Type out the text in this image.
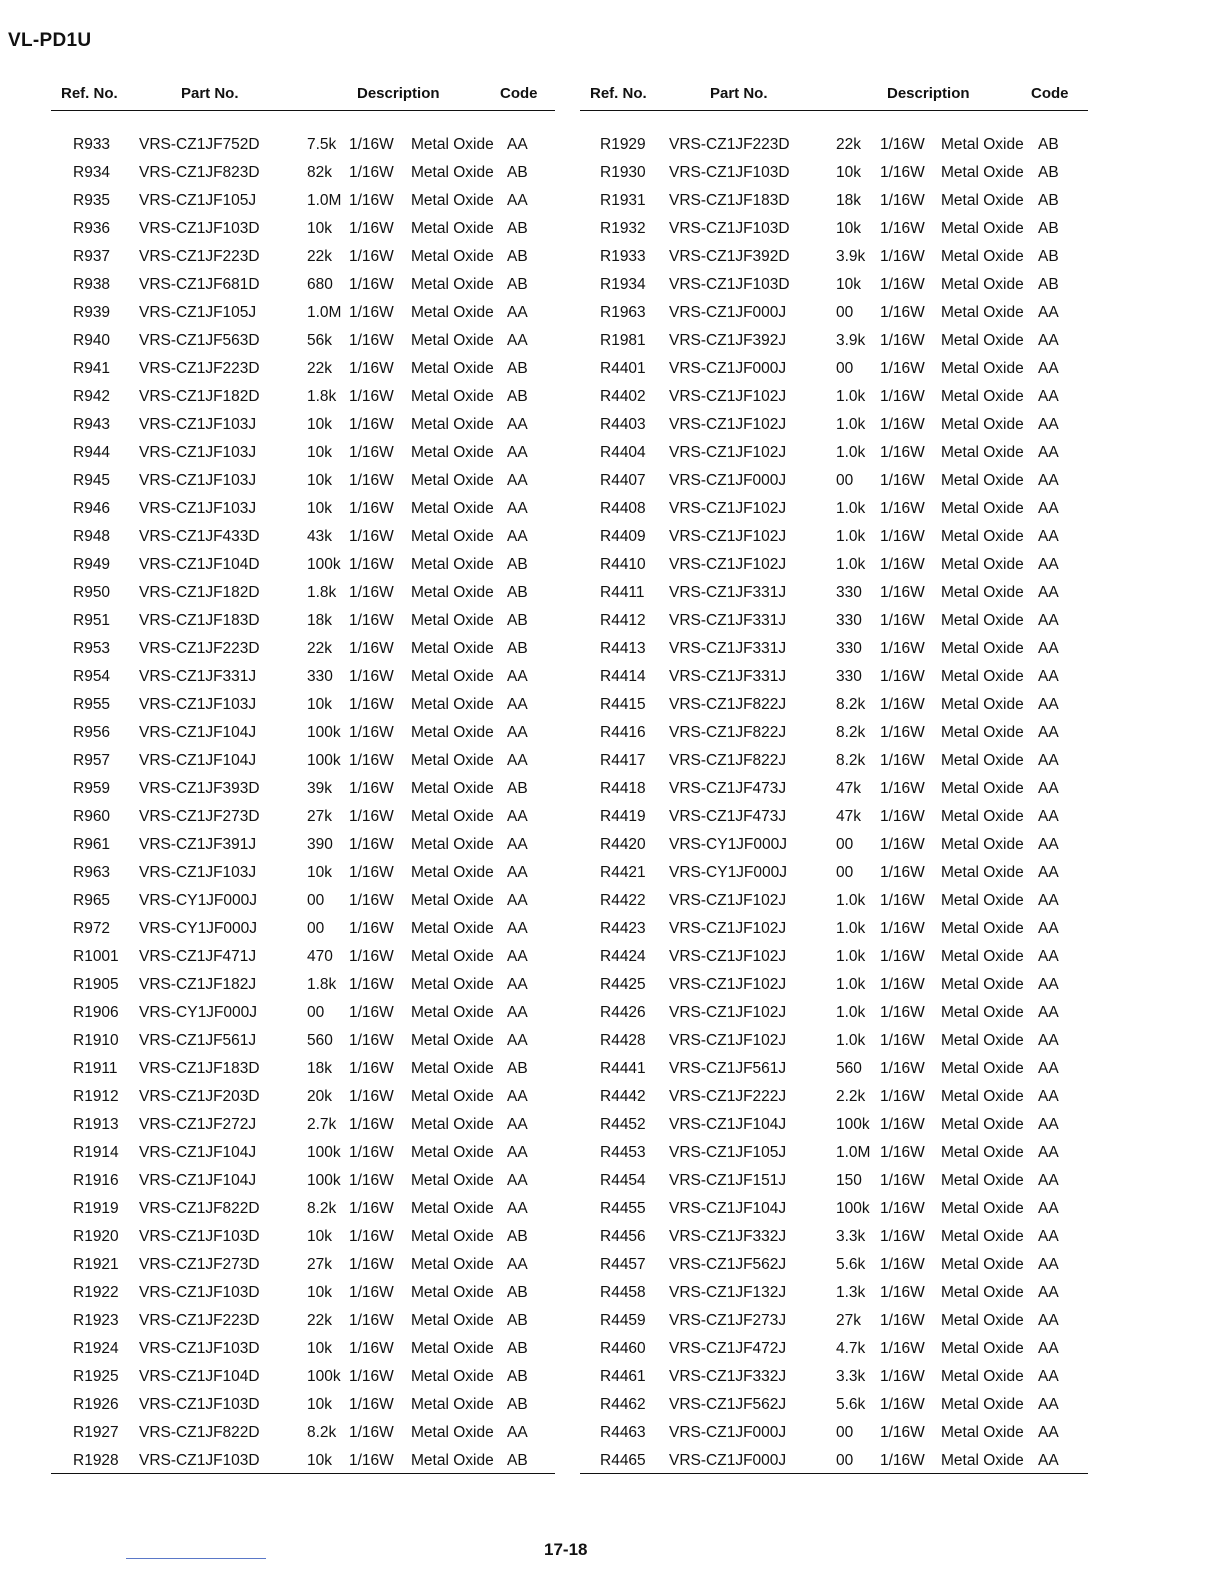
VL-PD1U
Ref. No.	Part No.	Description	Code
R933 VRS-CZ1JF752D	7.5k 1/16W Metal Oxide AA
R934 VRS-CZ1JF823D	82k 1/16W Metal Oxide AB
R935 VRS-CZ1JF105J	1.0M 1/16W Metal Oxide AA
R936 VRS-CZ1JF103D	10k 1/16W Metal Oxide AB
R937 VRS-CZ1JF223D	22k 1/16W Metal Oxide AB
R938 VRS-CZ1JF681D	680 1/16W Metal Oxide AB
R939 VRS-CZ1JF105J	1.0M 1/16W Metal Oxide AA
R940 VRS-CZ1JF563D	56k 1/16W Metal Oxide AA
R941 VRS-CZ1JF223D	22k 1/16W Metal Oxide AB
R942 VRS-CZ1JF182D	1.8k 1/16W Metal Oxide AB
R943 VRS-CZ1JF103J	10k 1/16W Metal Oxide AA
R944 VRS-CZ1JF103J	10k 1/16W Metal Oxide AA
R945 VRS-CZ1JF103J	10k 1/16W Metal Oxide AA
R946 VRS-CZ1JF103J	10k 1/16W Metal Oxide AA
R948 VRS-CZ1JF433D	43k 1/16W Metal Oxide AA
R949 VRS-CZ1JF104D	100k 1/16W Metal Oxide AB
R950 VRS-CZ1JF182D	1.8k 1/16W Metal Oxide AB
R951 VRS-CZ1JF183D	18k 1/16W Metal Oxide AB
R953 VRS-CZ1JF223D	22k 1/16W Metal Oxide AB
R954 VRS-CZ1JF331J	330 1/16W Metal Oxide AA
R955 VRS-CZ1JF103J	10k 1/16W Metal Oxide AA
R956 VRS-CZ1JF104J	100k 1/16W Metal Oxide AA
R957 VRS-CZ1JF104J	100k 1/16W Metal Oxide AA
R959 VRS-CZ1JF393D	39k 1/16W Metal Oxide AB
R960 VRS-CZ1JF273D	27k 1/16W Metal Oxide AA
R961 VRS-CZ1JF391J	390 1/16W Metal Oxide AA
R963 VRS-CZ1JF103J	10k 1/16W Metal Oxide AA
R965 VRS-CY1JF000J	00 1/16W Metal Oxide AA
R972 VRS-CY1JF000J	00 1/16W Metal Oxide AA
R1001 VRS-CZ1JF471J	470 1/16W Metal Oxide AA
R1905 VRS-CZ1JF182J	1.8k 1/16W Metal Oxide AA
R1906 VRS-CY1JF000J	00 1/16W Metal Oxide AA
R1910 VRS-CZ1JF561J	560 1/16W Metal Oxide AA
R1911 VRS-CZ1JF183D	18k 1/16W Metal Oxide AB
R1912 VRS-CZ1JF203D	20k 1/16W Metal Oxide AA
R1913 VRS-CZ1JF272J	2.7k 1/16W Metal Oxide AA
R1914 VRS-CZ1JF104J	100k 1/16W Metal Oxide AA
R1916 VRS-CZ1JF104J	100k 1/16W Metal Oxide AA
R1919 VRS-CZ1JF822D	8.2k 1/16W Metal Oxide AA
R1920 VRS-CZ1JF103D	10k 1/16W Metal Oxide AB
R1921 VRS-CZ1JF273D	27k 1/16W Metal Oxide AA
R1922 VRS-CZ1JF103D	10k 1/16W Metal Oxide AB
R1923 VRS-CZ1JF223D	22k 1/16W Metal Oxide AB
R1924 VRS-CZ1JF103D	10k 1/16W Metal Oxide AB
R1925 VRS-CZ1JF104D	100k 1/16W Metal Oxide AB
R1926 VRS-CZ1JF103D	10k 1/16W Metal Oxide AB
R1927 VRS-CZ1JF822D	8.2k 1/16W Metal Oxide AA
R1928 VRS-CZ1JF103D	10k 1/16W Metal Oxide AB
Ref. No.	Part No.	Description	Code
R1929 VRS-CZ1JF223D	22k 1/16W Metal Oxide AB
R1930 VRS-CZ1JF103D	10k 1/16W Metal Oxide AB
R1931 VRS-CZ1JF183D	18k 1/16W Metal Oxide AB
R1932 VRS-CZ1JF103D	10k 1/16W Metal Oxide AB
R1933 VRS-CZ1JF392D	3.9k 1/16W Metal Oxide AB
R1934 VRS-CZ1JF103D	10k 1/16W Metal Oxide AB
R1963 VRS-CZ1JF000J	00 1/16W Metal Oxide AA
R1981 VRS-CZ1JF392J	3.9k 1/16W Metal Oxide AA
R4401 VRS-CZ1JF000J	00 1/16W Metal Oxide AA
R4402 VRS-CZ1JF102J	1.0k 1/16W Metal Oxide AA
R4403 VRS-CZ1JF102J	1.0k 1/16W Metal Oxide AA
R4404 VRS-CZ1JF102J	1.0k 1/16W Metal Oxide AA
R4407 VRS-CZ1JF000J	00 1/16W Metal Oxide AA
R4408 VRS-CZ1JF102J	1.0k 1/16W Metal Oxide AA
R4409 VRS-CZ1JF102J	1.0k 1/16W Metal Oxide AA
R4410 VRS-CZ1JF102J	1.0k 1/16W Metal Oxide AA
R4411 VRS-CZ1JF331J	330 1/16W Metal Oxide AA
R4412 VRS-CZ1JF331J	330 1/16W Metal Oxide AA
R4413 VRS-CZ1JF331J	330 1/16W Metal Oxide AA
R4414 VRS-CZ1JF331J	330 1/16W Metal Oxide AA
R4415 VRS-CZ1JF822J	8.2k 1/16W Metal Oxide AA
R4416 VRS-CZ1JF822J	8.2k 1/16W Metal Oxide AA
R4417 VRS-CZ1JF822J	8.2k 1/16W Metal Oxide AA
R4418 VRS-CZ1JF473J	47k 1/16W Metal Oxide AA
R4419 VRS-CZ1JF473J	47k 1/16W Metal Oxide AA
R4420 VRS-CY1JF000J	00 1/16W Metal Oxide AA
R4421 VRS-CY1JF000J	00 1/16W Metal Oxide AA
R4422 VRS-CZ1JF102J	1.0k 1/16W Metal Oxide AA
R4423 VRS-CZ1JF102J	1.0k 1/16W Metal Oxide AA
R4424 VRS-CZ1JF102J	1.0k 1/16W Metal Oxide AA
R4425 VRS-CZ1JF102J	1.0k 1/16W Metal Oxide AA
R4426 VRS-CZ1JF102J	1.0k 1/16W Metal Oxide AA
R4428 VRS-CZ1JF102J	1.0k 1/16W Metal Oxide AA
R4441 VRS-CZ1JF561J	560 1/16W Metal Oxide AA
R4442 VRS-CZ1JF222J	2.2k 1/16W Metal Oxide AA
R4452 VRS-CZ1JF104J	100k 1/16W Metal Oxide AA
R4453 VRS-CZ1JF105J	1.0M 1/16W Metal Oxide AA
R4454 VRS-CZ1JF151J	150 1/16W Metal Oxide AA
R4455 VRS-CZ1JF104J	100k 1/16W Metal Oxide AA
R4456 VRS-CZ1JF332J	3.3k 1/16W Metal Oxide AA
R4457 VRS-CZ1JF562J	5.6k 1/16W Metal Oxide AA
R4458 VRS-CZ1JF132J	1.3k 1/16W Metal Oxide AA
R4459 VRS-CZ1JF273J	27k 1/16W Metal Oxide AA
R4460 VRS-CZ1JF472J	4.7k 1/16W Metal Oxide AA
R4461 VRS-CZ1JF332J	3.3k 1/16W Metal Oxide AA
R4462 VRS-CZ1JF562J	5.6k 1/16W Metal Oxide AA
R4463 VRS-CZ1JF000J	00 1/16W Metal Oxide AA
R4465 VRS-CZ1JF000J	00 1/16W Metal Oxide AA
17-18
